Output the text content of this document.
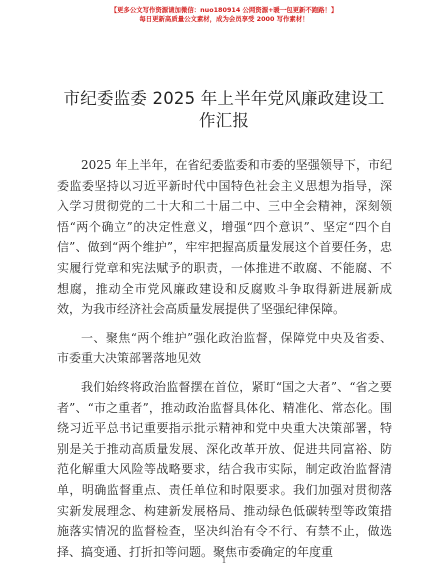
【更多公文写作资源请加微信：nuo180914 公网资源+暖一包更新不跑路！】
每日更新高质量公文素材，成为会员享受 2000 写作素材！
市纪委监委 2025 年上半年党风廉政建设工作汇报

2025 年上半年，在省纪委监委和市委的坚强领导下，市纪委监委坚持以习近平新时代中国特色社会主义思想为指导，深入学习贯彻党的二十大和二十届二中、三中全会精神，深刻领悟“两个确立”的决定性意义，增强“四个意识”、坚定“四个自信”、做到“两个维护”，牢牢把握高质量发展这个首要任务，忠实履行党章和宪法赋予的职责，一体推进不敢腐、不能腐、不想腐，推动全市党风廉政建设和反腐败斗争取得新进展新成效，为我市经济社会高质量发展提供了坚强纪律保障。

一、聚焦“两个维护”强化政治监督，保障党中央及省委、市委重大决策部署落地见效

我们始终将政治监督摆在首位，紧盯“国之大者”、“省之要者”、“市之重者”，推动政治监督具体化、精准化、常态化。围绕习近平总书记重要指示批示精神和党中央重大决策部署，特别是关于推动高质量发展、深化改革开放、促进共同富裕、防范化解重大风险等战略要求，结合我市实际，制定政治监督清单，明确监督重点、责任单位和时限要求。我们加强对贯彻落实新发展理念、构建新发展格局、推动绿色低碳转型等政策措施落实情况的监督检查，坚决纠治有令不行、有禁不止，做选择、搞变通、打折扣等问题。聚焦市委确定的年度重

1
